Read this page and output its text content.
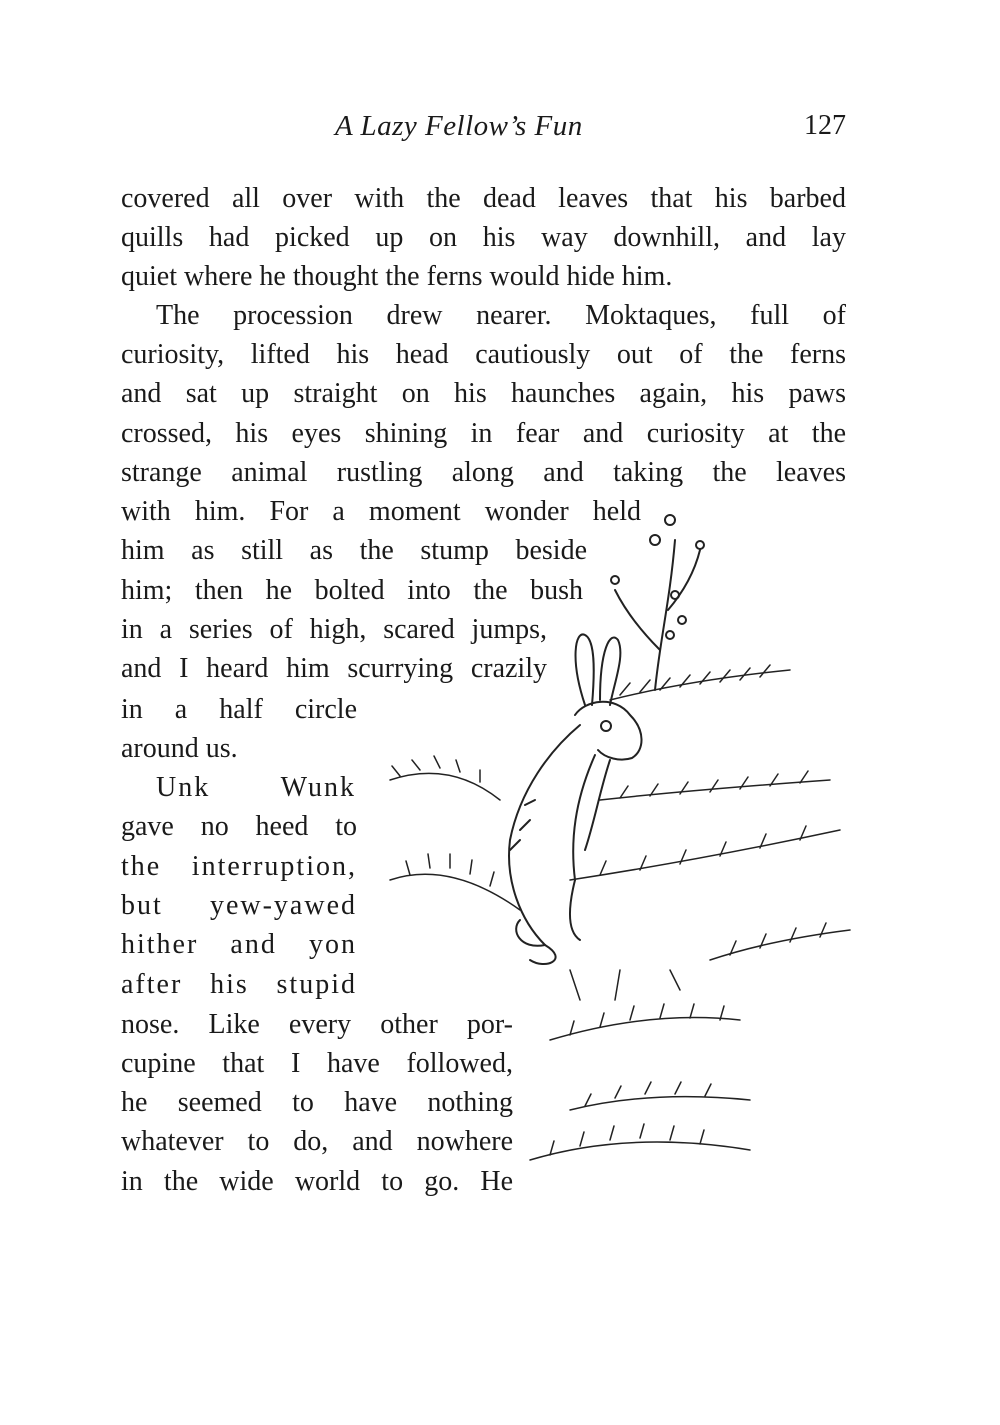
A Lazy Fellow’s Fun	127
covered all over with the dead leaves that his barbed
quills had picked up on his way downhill, and lay
quiet where he thought the ferns would hide him.
The procession drew nearer. Moktaques, full of
curiosity, lifted his head cautiously out of the ferns
and sat up straight on his haunches again, his paws
crossed, his eyes shining in fear and curiosity at the
strange animal rustling along and taking the leaves
with him. For a moment wonder held
him as still as the stump beside
him; then he bolted into the bush
in a series of high, scared jumps,
and I heard him scurrying crazily
in a half circle
around us.
Unk Wunk
gave no heed to
the interruption,
but yew-yawed
hither and yon
after his stupid
nose. Like every other por-
cupine that I have followed,
he seemed to have nothing
whatever to do, and nowhere
in the wide world to go. He
